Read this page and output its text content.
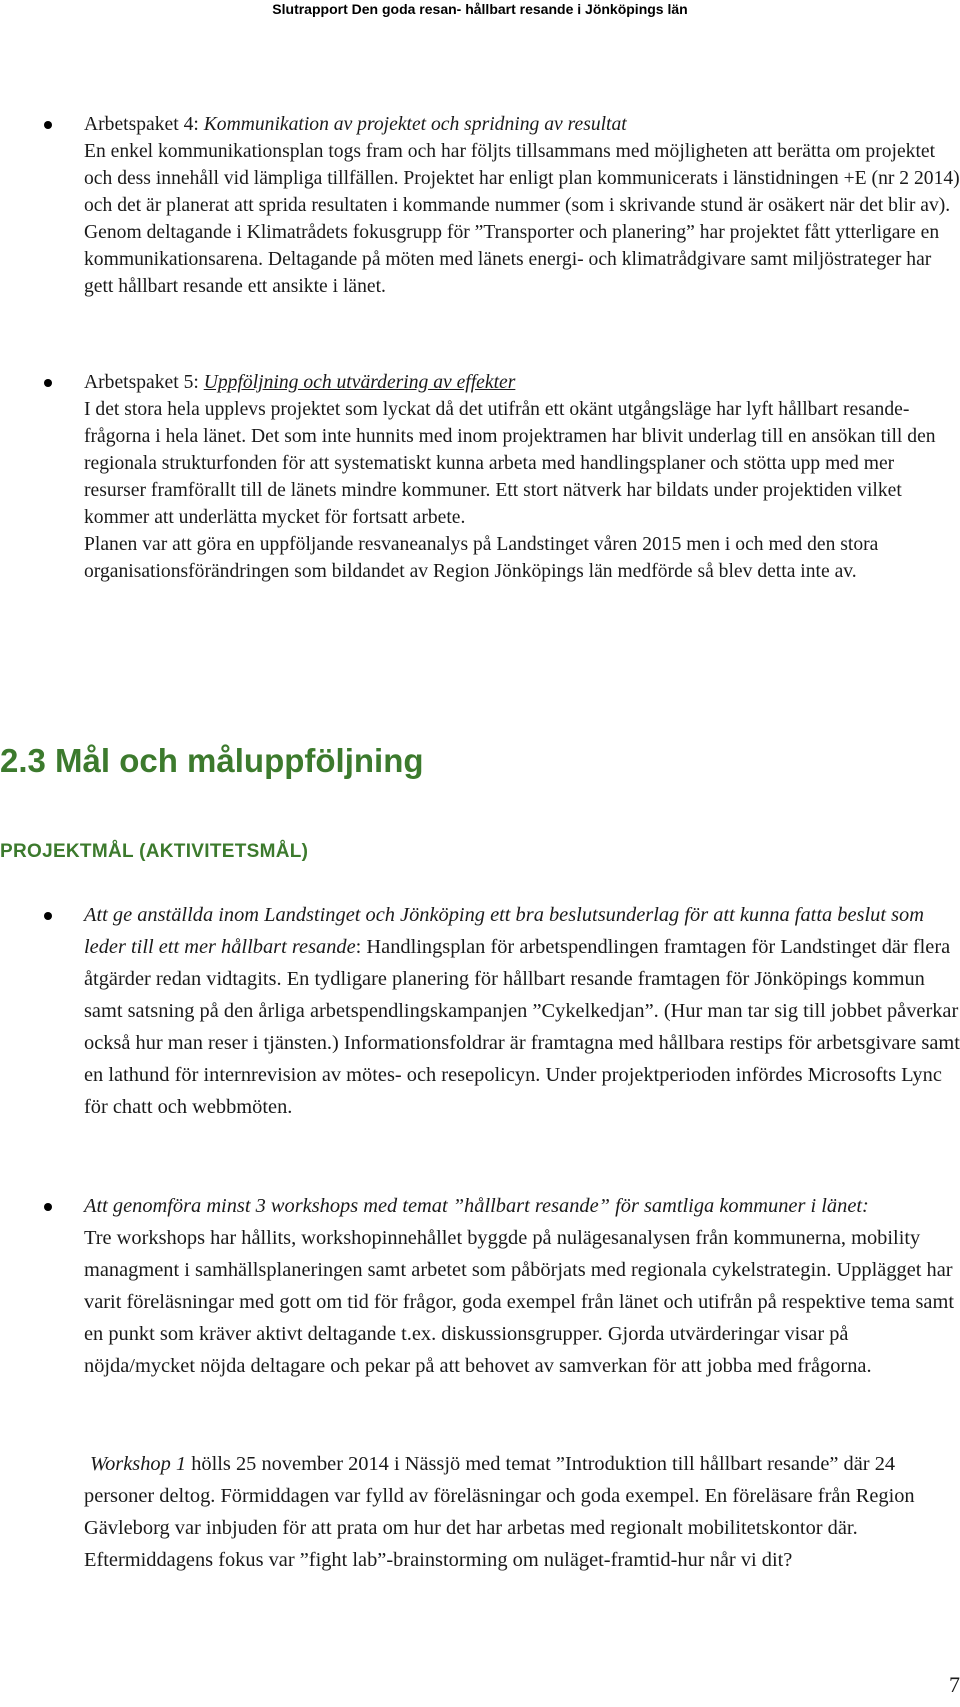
Slutrapport Den goda resan- hållbart resande i Jönköpings län

Arbetspaket 4: Kommunikation av projektet och spridning av resultat
En enkel kommunikationsplan togs fram och har följts tillsammans med möjligheten att berätta om projektet och dess innehåll vid lämpliga tillfällen. Projektet har enligt plan kommunicerats i länstidningen +E (nr 2 2014) och det är planerat att sprida resultaten i kommande nummer (som i skrivande stund är osäkert när det blir av).
Genom deltagande i Klimatrådets fokusgrupp för ”Transporter och planering” har projektet fått ytterligare en kommunikationsarena. Deltagande på möten med länets energi- och klimatrådgivare samt miljöstrateger har gett hållbart resande ett ansikte i länet.

Arbetspaket 5: Uppföljning och utvärdering av effekter
I det stora hela upplevs projektet som lyckat då det utifrån ett okänt utgångsläge har lyft hållbart resande-frågorna i hela länet. Det som inte hunnits med inom projektramen har blivit underlag till en ansökan till den regionala strukturfonden för att systematiskt kunna arbeta med handlingsplaner och stötta upp med mer resurser framförallt till de länets mindre kommuner. Ett stort nätverk har bildats under projektiden vilket kommer att underlätta mycket för fortsatt arbete.
Planen var att göra en uppföljande resvaneanalys på Landstinget våren 2015 men i och med den stora organisationsförändringen som bildandet av Region Jönköpings län medförde så blev detta inte av.

2.3 Mål och måluppföljning
PROJEKTMÅL (AKTIVITETSMÅL)

Att ge anställda inom Landstinget och Jönköping ett bra beslutsunderlag för att kunna fatta beslut som leder till ett mer hållbart resande: Handlingsplan för arbetspendlingen framtagen för Landstinget där flera åtgärder redan vidtagits. En tydligare planering för hållbart resande framtagen för Jönköpings kommun samt satsning på den årliga arbetspendlingskampanjen ”Cykelkedjan”. (Hur man tar sig till jobbet påverkar också hur man reser i tjänsten.) Informationsfoldrar är framtagna med hållbara restips för arbetsgivare samt en lathund för internrevision av mötes- och resepolicyn. Under projektperioden infördes Microsofts Lync för chatt och webbmöten.

Att genomföra minst 3 workshops med temat ”hållbart resande” för samtliga kommuner i länet:
Tre workshops har hållits, workshopinnehållet byggde på nulägesanalysen från kommunerna, mobility managment i samhällsplaneringen samt arbetet som påbörjats med regionala cykelstrategin. Upplägget har varit föreläsningar med gott om tid för frågor, goda exempel från länet och utifrån på respektive tema samt en punkt som kräver aktivt deltagande t.ex. diskussionsgrupper. Gjorda utvärderingar visar på nöjda/mycket nöjda deltagare och pekar på att behovet av samverkan för att jobba med frågorna.

Workshop 1 hölls 25 november 2014 i Nässjö med temat ”Introduktion till hållbart resande” där 24 personer deltog. Förmiddagen var fylld av föreläsningar och goda exempel. En föreläsare från Region Gävleborg var inbjuden för att prata om hur det har arbetas med regionalt mobilitetskontor där. Eftermiddagens fokus var ”fight lab”-brainstorming om nuläget-framtid-hur når vi dit?

7
